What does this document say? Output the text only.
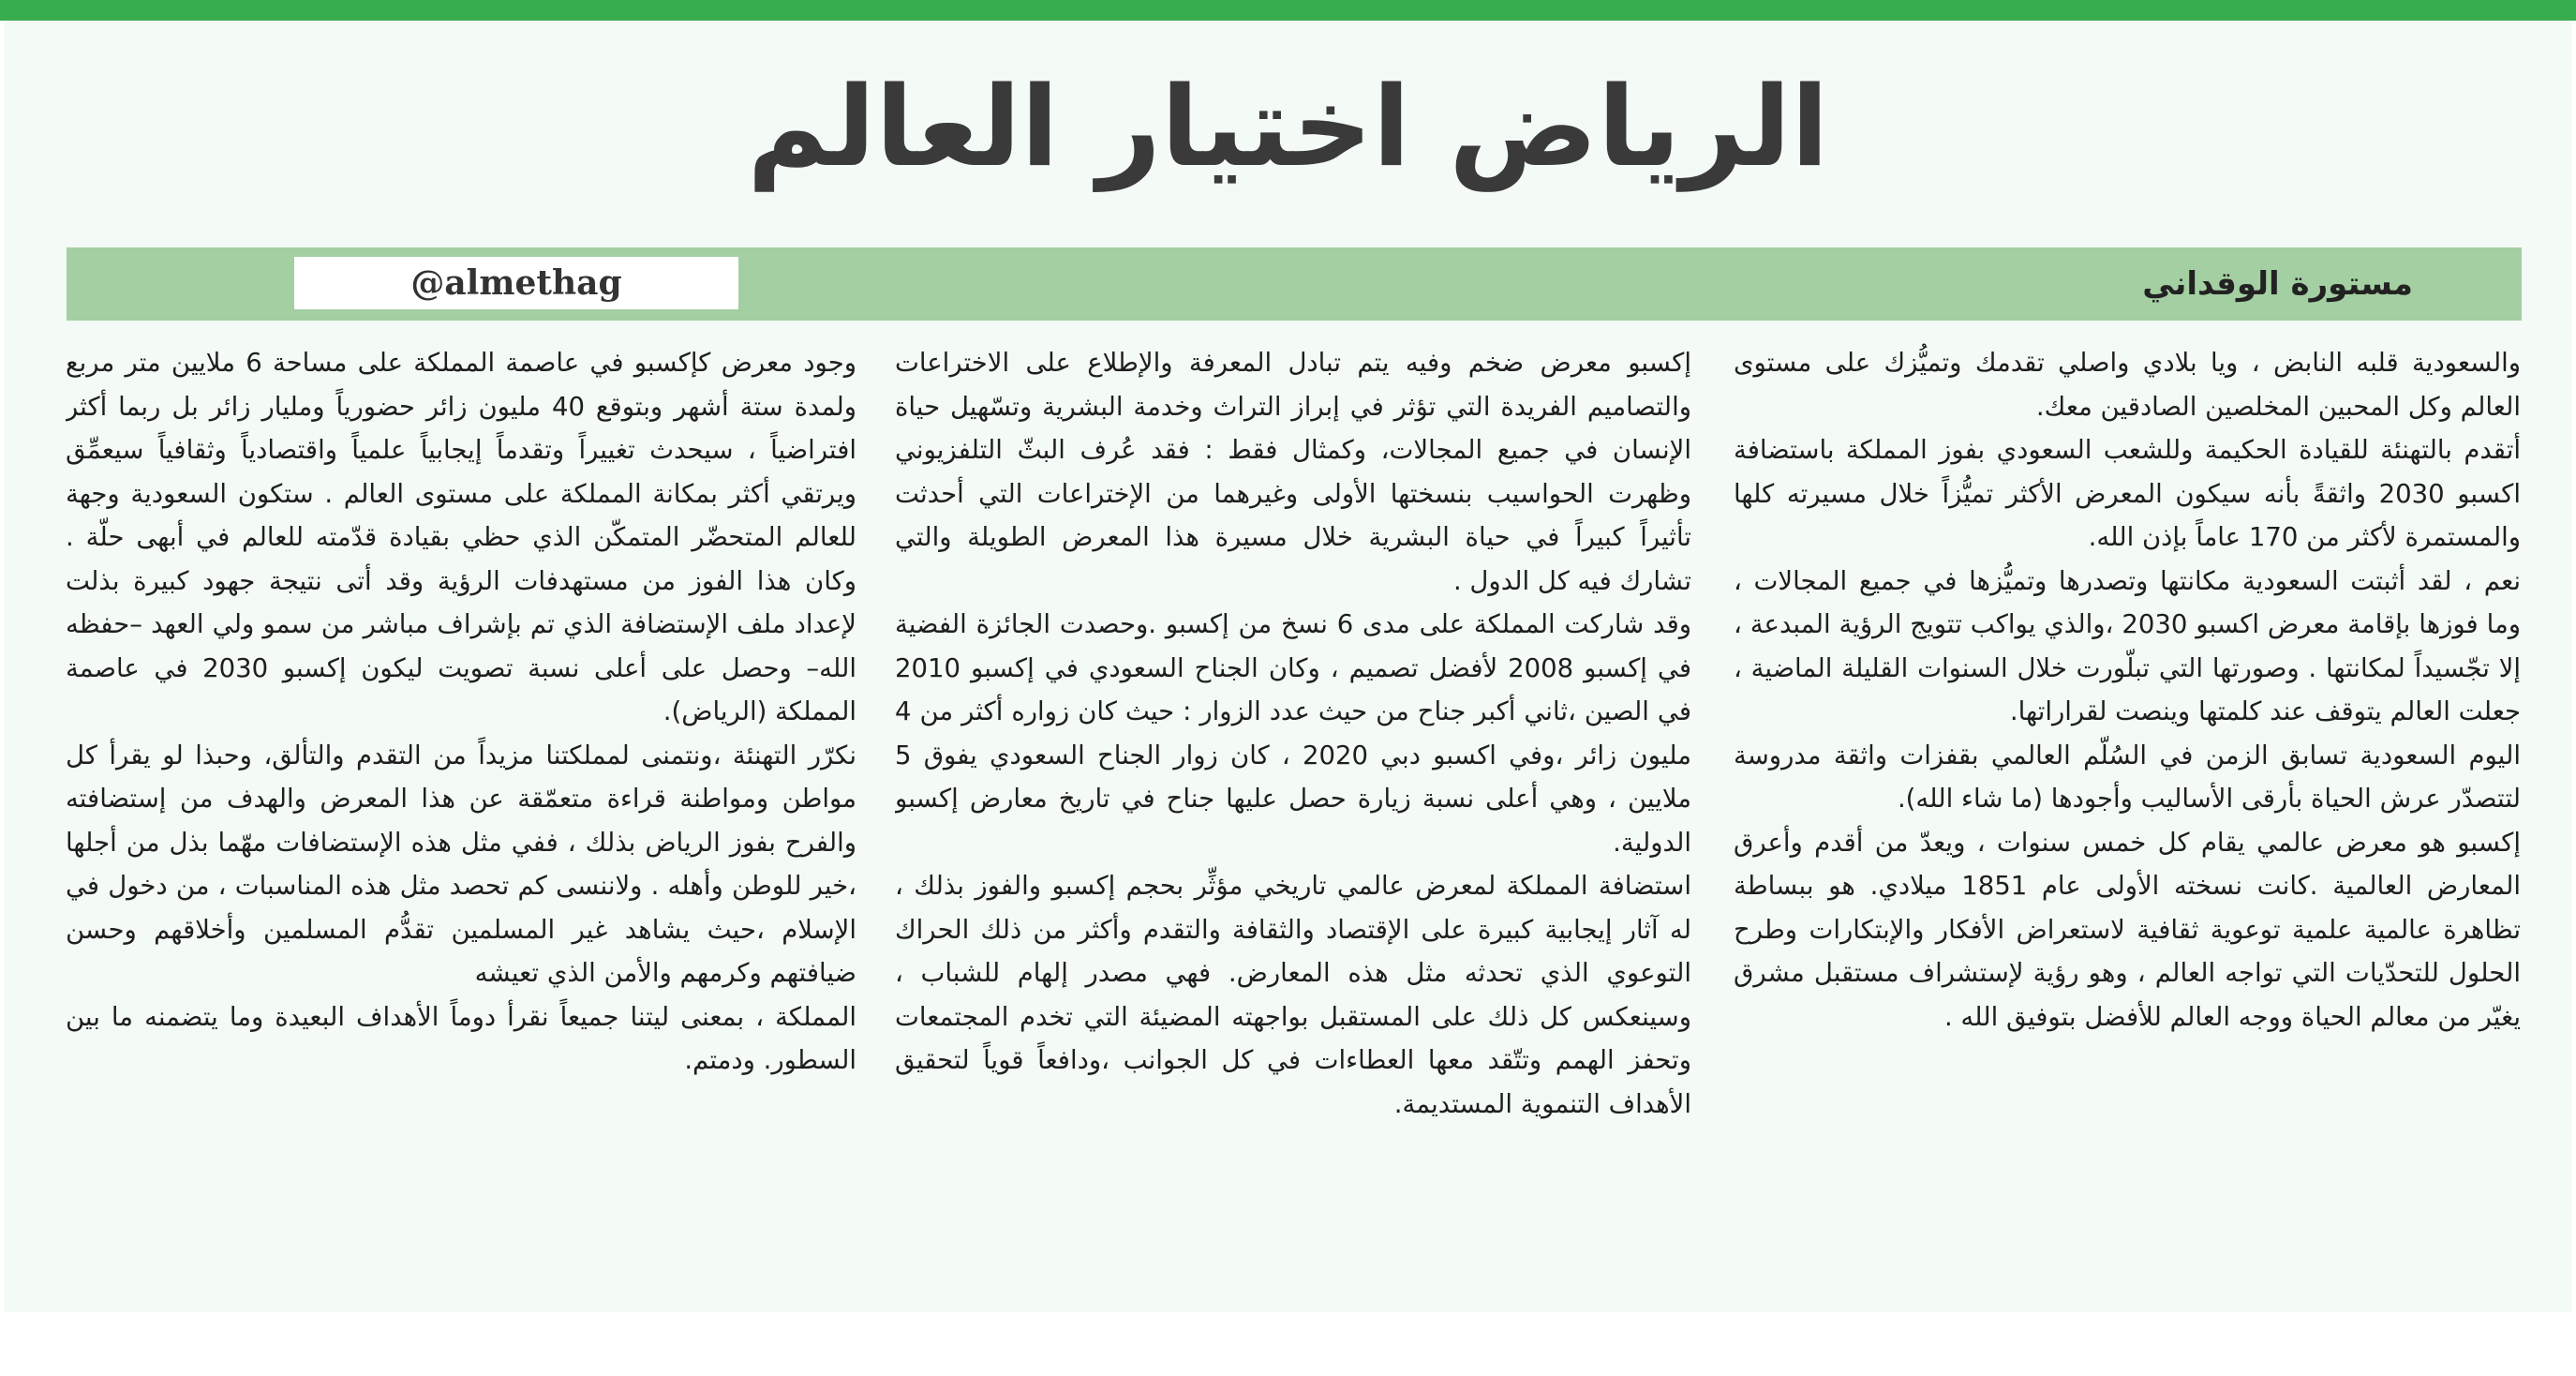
الرياض اختيار العالم
مستورة الوقداني
@almethag

والسعودية قلبه النابض ، ويا بلادي واصلي تقدمك وتميُّزك على مستوى العالم وكل المحبين المخلصين الصادقين معك.

أتقدم بالتهنئة للقيادة الحكيمة وللشعب السعودي بفوز المملكة باستضافة اكسبو 2030 واثقةً بأنه سيكون المعرض الأكثر تميُّزاً خلال مسيرته كلها والمستمرة لأكثر من 170 عاماً بإذن الله.

نعم ، لقد أثبتت السعودية مكانتها وتصدرها وتميُّزها في جميع المجالات ، وما فوزها بإقامة معرض اكسبو 2030 ،والذي يواكب تتويج الرؤية المبدعة ، إلا تجّسيداً لمكانتها . وصورتها التي تبلّورت خلال السنوات القليلة الماضية ، جعلت العالم يتوقف عند كلمتها وينصت لقراراتها.

اليوم السعودية تسابق الزمن في السُلّم العالمي بقفزات واثقة مدروسة لتتصدّر عرش الحياة بأرقى الأساليب وأجودها (ما شاء الله).

إكسبو هو معرض عالمي يقام كل خمس سنوات ، ويعدّ من أقدم وأعرق المعارض العالمية .كانت نسخته الأولى عام 1851 ميلادي. هو ببساطة تظاهرة عالمية علمية توعوية ثقافية لاستعراض الأفكار والإبتكارات وطرح الحلول للتحدّيات التي تواجه العالم ، وهو رؤية لإستشراف مستقبل مشرق يغيّر من معالم الحياة ووجه العالم للأفضل بتوفيق الله .

إكسبو معرض ضخم وفيه يتم تبادل المعرفة والإطلاع على الاختراعات والتصاميم الفريدة التي تؤثر في إبراز التراث وخدمة البشرية وتسّهيل حياة الإنسان في جميع المجالات، وكمثال فقط : فقد عُرف البثّ التلفزيوني وظهرت الحواسيب بنسختها الأولى وغيرهما من الإختراعات التي أحدثت تأثيراً كبيراً في حياة البشرية خلال مسيرة هذا المعرض الطويلة والتي تشارك فيه كل الدول .

وقد شاركت المملكة على مدى 6 نسخ من إكسبو .وحصدت الجائزة الفضية في إكسبو 2008 لأفضل تصميم ، وكان الجناح السعودي في إكسبو 2010 في الصين ،ثاني أكبر جناح من حيث عدد الزوار : حيث كان زواره أكثر من 4 مليون زائر ،وفي اكسبو دبي 2020 ، كان زوار الجناح السعودي يفوق 5 ملايين ، وهي أعلى نسبة زيارة حصل عليها جناح في تاريخ معارض إكسبو الدولية.

استضافة المملكة لمعرض عالمي تاريخي مؤثِّر بحجم إكسبو والفوز بذلك ، له آثار إيجابية كبيرة على الإقتصاد والثقافة والتقدم وأكثر من ذلك الحراك التوعوي الذي تحدثه مثل هذه المعارض. فهي مصدر إلهام للشباب ، وسينعكس كل ذلك على المستقبل بواجهته المضيئة التي تخدم المجتمعات وتحفز الهمم وتتّقد معها العطاءات في كل الجوانب ،ودافعاً قوياً لتحقيق الأهداف التنموية المستديمة.

وجود معرض كإكسبو في عاصمة المملكة على مساحة 6 ملايين متر مربع ولمدة ستة أشهر وبتوقع 40 مليون زائر حضورياً ومليار زائر بل ربما أكثر افتراضياً ، سيحدث تغييراً وتقدماً إيجابياً علمياً واقتصادياً وثقافياً سيعمِّق ويرتقي أكثر بمكانة المملكة على مستوى العالم . ستكون السعودية وجهة للعالم المتحضّر المتمكّن الذي حظي بقيادة قدّمته للعالم في أبهى حلّة . وكان هذا الفوز من مستهدفات الرؤية وقد أتى نتيجة جهود كبيرة بذلت لإعداد ملف الإستضافة الذي تم بإشراف مباشر من سمو ولي العهد –حفظه الله– وحصل على أعلى نسبة تصويت ليكون إكسبو 2030 في عاصمة المملكة (الرياض).

نكرّر التهنئة ،ونتمنى لمملكتنا مزيداً من التقدم والتألق، وحبذا لو يقرأ كل مواطن ومواطنة قراءة متعمّقة عن هذا المعرض والهدف من إستضافته والفرح بفوز الرياض بذلك ، ففي مثل هذه الإستضافات مهّما بذل من أجلها ،خير للوطن وأهله . ولاننسى كم تحصد مثل هذه المناسبات ، من دخول في الإسلام ،حيث يشاهد غير المسلمين تقدُّم المسلمين وأخلاقهم وحسن ضيافتهم وكرمهم والأمن الذي تعيشه

المملكة ، بمعنى ليتنا جميعاً نقرأ دوماً الأهداف البعيدة وما يتضمنه ما بين السطور. ودمتم.
